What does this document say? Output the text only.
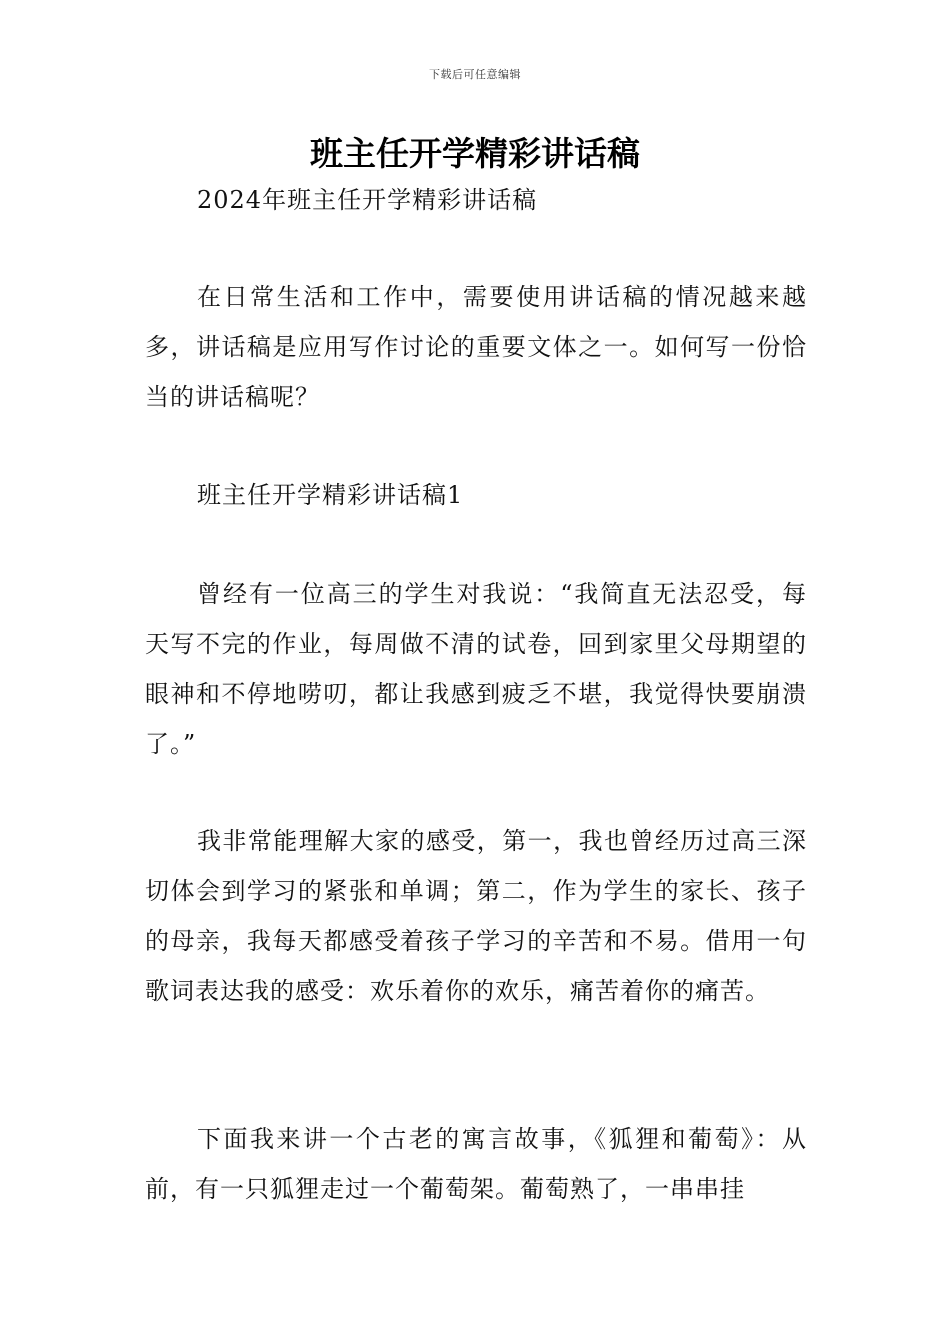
下载后可任意编辑
班主任开学精彩讲话稿

2024年班主任开学精彩讲话稿

在日常生活和工作中，需要使用讲话稿的情况越来越多，讲话稿是应用写作讨论的重要文体之一。如何写一份恰当的讲话稿呢？

班主任开学精彩讲话稿1

曾经有一位高三的学生对我说：“我简直无法忍受，每天写不完的作业，每周做不清的试卷，回到家里父母期望的眼神和不停地唠叨，都让我感到疲乏不堪，我觉得快要崩溃了。”

我非常能理解大家的感受，第一，我也曾经历过高三深切体会到学习的紧张和单调；第二，作为学生的家长、孩子的母亲，我每天都感受着孩子学习的辛苦和不易。借用一句歌词表达我的感受：欢乐着你的欢乐，痛苦着你的痛苦。

下面我来讲一个古老的寓言故事，《狐狸和葡萄》：从前，有一只狐狸走过一个葡萄架。葡萄熟了，一串串挂
